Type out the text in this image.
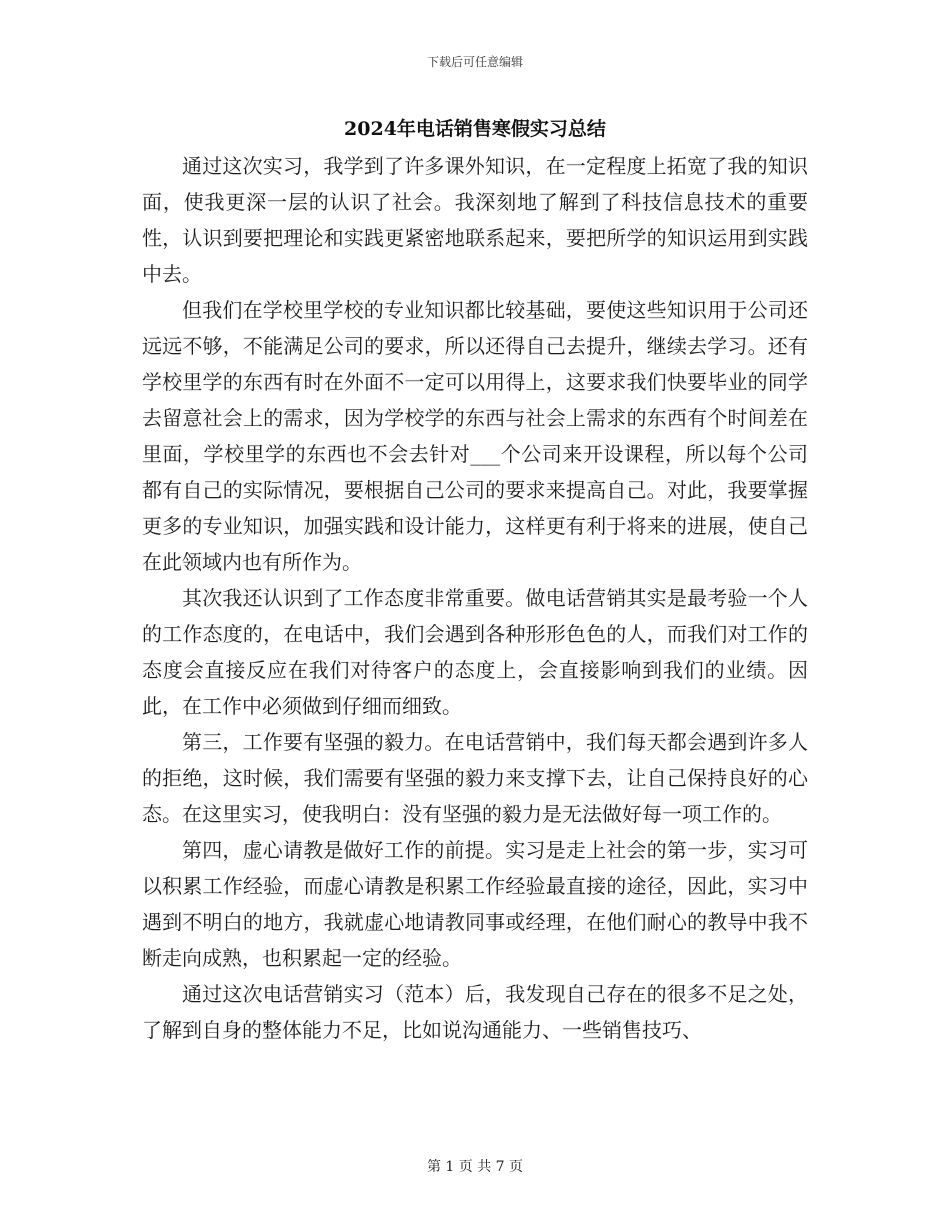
下载后可任意编辑
2024年电话销售寒假实习总结

通过这次实习，我学到了许多课外知识，在一定程度上拓宽了我的知识面，使我更深一层的认识了社会。我深刻地了解到了科技信息技术的重要性，认识到要把理论和实践更紧密地联系起来，要把所学的知识运用到实践中去。

但我们在学校里学校的专业知识都比较基础，要使这些知识用于公司还远远不够，不能满足公司的要求，所以还得自己去提升，继续去学习。还有学校里学的东西有时在外面不一定可以用得上，这要求我们快要毕业的同学去留意社会上的需求，因为学校学的东西与社会上需求的东西有个时间差在里面，学校里学的东西也不会去针对___个公司来开设课程，所以每个公司都有自己的实际情况，要根据自己公司的要求来提高自己。对此，我要掌握更多的专业知识，加强实践和设计能力，这样更有利于将来的进展，使自己在此领域内也有所作为。

其次我还认识到了工作态度非常重要。做电话营销其实是最考验一个人的工作态度的，在电话中，我们会遇到各种形形色色的人，而我们对工作的态度会直接反应在我们对待客户的态度上，会直接影响到我们的业绩。因此，在工作中必须做到仔细而细致。

第三，工作要有坚强的毅力。在电话营销中，我们每天都会遇到许多人的拒绝，这时候，我们需要有坚强的毅力来支撑下去，让自己保持良好的心态。在这里实习，使我明白：没有坚强的毅力是无法做好每一项工作的。

第四，虚心请教是做好工作的前提。实习是走上社会的第一步，实习可以积累工作经验，而虚心请教是积累工作经验最直接的途径，因此，实习中遇到不明白的地方，我就虚心地请教同事或经理，在他们耐心的教导中我不断走向成熟，也积累起一定的经验。

通过这次电话营销实习（范本）后，我发现自己存在的很多不足之处，了解到自身的整体能力不足，比如说沟通能力、一些销售技巧、

第 1 页 共 7 页
